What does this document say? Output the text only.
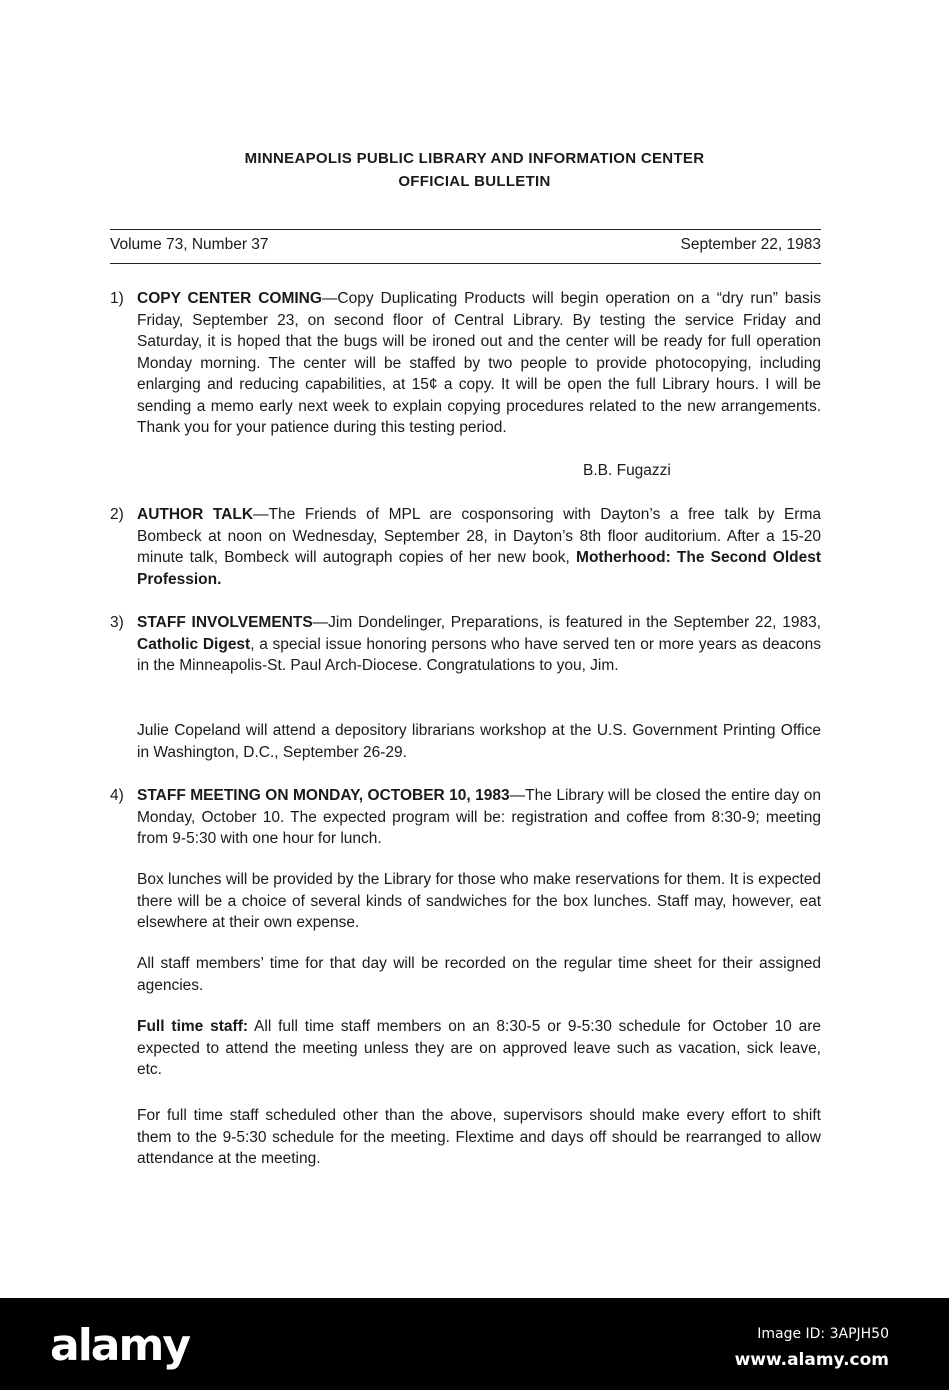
MINNEAPOLIS PUBLIC LIBRARY AND INFORMATION CENTER
OFFICIAL BULLETIN
Volume 73, Number 37	September 22, 1983
1) COPY CENTER COMING—Copy Duplicating Products will begin operation on a “dry run” basis Friday, September 23, on second floor of Central Library. By testing the service Friday and Saturday, it is hoped that the bugs will be ironed out and the center will be ready for full operation Monday morning. The center will be staffed by two people to provide photocopying, including enlarging and reducing capabilities, at 15¢ a copy. It will be open the full Library hours. I will be sending a memo early next week to explain copying procedures related to the new arrangements. Thank you for your patience during this testing period.
B.B. Fugazzi
2) AUTHOR TALK—The Friends of MPL are cosponsoring with Dayton’s a free talk by Erma Bombeck at noon on Wednesday, September 28, in Dayton’s 8th floor auditorium. After a 15-20 minute talk, Bombeck will autograph copies of her new book, Motherhood: The Second Oldest Profession.
3) STAFF INVOLVEMENTS—Jim Dondelinger, Preparations, is featured in the September 22, 1983, Catholic Digest, a special issue honoring persons who have served ten or more years as deacons in the Minneapolis-St. Paul Arch-Diocese. Congratulations to you, Jim.
Julie Copeland will attend a depository librarians workshop at the U.S. Government Printing Office in Washington, D.C., September 26-29.
4) STAFF MEETING ON MONDAY, OCTOBER 10, 1983—The Library will be closed the entire day on Monday, October 10. The expected program will be: registration and coffee from 8:30-9; meeting from 9-5:30 with one hour for lunch.
Box lunches will be provided by the Library for those who make reservations for them. It is expected there will be a choice of several kinds of sandwiches for the box lunches. Staff may, however, eat elsewhere at their own expense.
All staff members’ time for that day will be recorded on the regular time sheet for their assigned agencies.
Full time staff: All full time staff members on an 8:30-5 or 9-5:30 schedule for October 10 are expected to attend the meeting unless they are on approved leave such as vacation, sick leave, etc.
For full time staff scheduled other than the above, supervisors should make every effort to shift them to the 9-5:30 schedule for the meeting. Flextime and days off should be rearranged to allow attendance at the meeting.
alamy	Image ID: 3APJH50
www.alamy.com
